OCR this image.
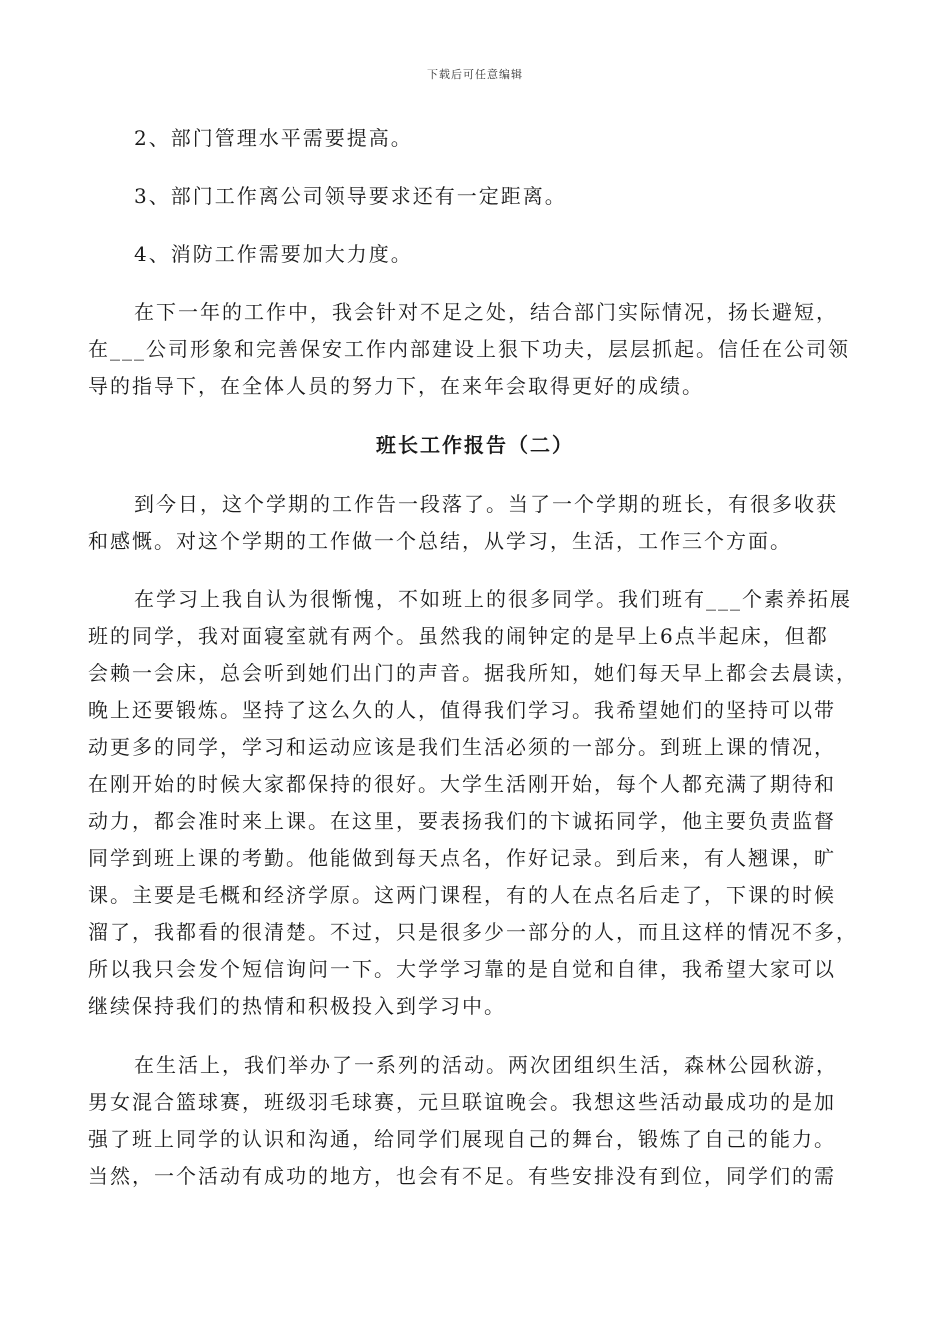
下载后可任意编辑
2、部门管理水平需要提高。
3、部门工作离公司领导要求还有一定距离。
4、消防工作需要加大力度。
在下一年的工作中，我会针对不足之处，结合部门实际情况，扬长避短，
在___公司形象和完善保安工作内部建设上狠下功夫，层层抓起。信任在公司领
导的指导下，在全体人员的努力下，在来年会取得更好的成绩。
班长工作报告（二）
到今日，这个学期的工作告一段落了。当了一个学期的班长，有很多收获
和感慨。对这个学期的工作做一个总结，从学习，生活，工作三个方面。
在学习上我自认为很惭愧，不如班上的很多同学。我们班有___个素养拓展
班的同学，我对面寝室就有两个。虽然我的闹钟定的是早上6点半起床，但都
会赖一会床，总会听到她们出门的声音。据我所知，她们每天早上都会去晨读，
晚上还要锻炼。坚持了这么久的人，值得我们学习。我希望她们的坚持可以带
动更多的同学，学习和运动应该是我们生活必须的一部分。到班上课的情况，
在刚开始的时候大家都保持的很好。大学生活刚开始，每个人都充满了期待和
动力，都会准时来上课。在这里，要表扬我们的卞诚拓同学，他主要负责监督
同学到班上课的考勤。他能做到每天点名，作好记录。到后来，有人翘课，旷
课。主要是毛概和经济学原。这两门课程，有的人在点名后走了，下课的时候
溜了，我都看的很清楚。不过，只是很多少一部分的人，而且这样的情况不多，
所以我只会发个短信询问一下。大学学习靠的是自觉和自律，我希望大家可以
继续保持我们的热情和积极投入到学习中。
在生活上，我们举办了一系列的活动。两次团组织生活，森林公园秋游，
男女混合篮球赛，班级羽毛球赛，元旦联谊晚会。我想这些活动最成功的是加
强了班上同学的认识和沟通，给同学们展现自己的舞台，锻炼了自己的能力。
当然，一个活动有成功的地方，也会有不足。有些安排没有到位，同学们的需
